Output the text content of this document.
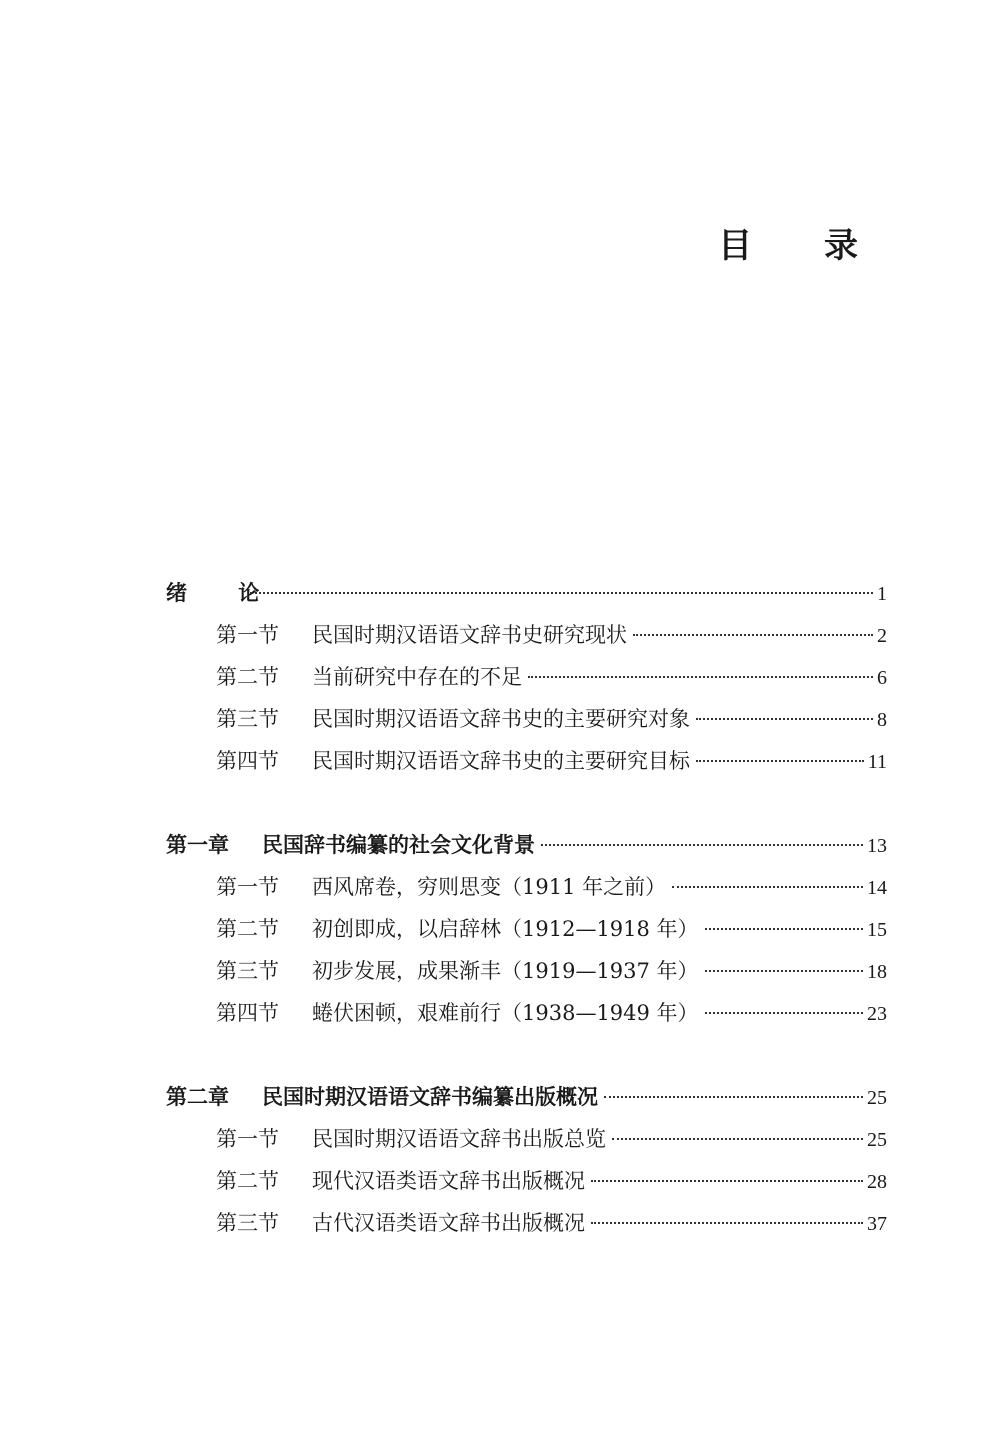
目 录
绪 论	1
第一节	民国时期汉语语文辞书史研究现状	2
第二节	当前研究中存在的不足	6
第三节	民国时期汉语语文辞书史的主要研究对象	8
第四节	民国时期汉语语文辞书史的主要研究目标	11
第一章	民国辞书编纂的社会文化背景	13
第一节	西风席卷，穷则思变（1911 年之前）	14
第二节	初创即成，以启辞林（1912—1918 年）	15
第三节	初步发展，成果渐丰（1919—1937 年）	18
第四节	蜷伏困顿，艰难前行（1938—1949 年）	23
第二章	民国时期汉语语文辞书编纂出版概况	25
第一节	民国时期汉语语文辞书出版总览	25
第二节	现代汉语类语文辞书出版概况	28
第三节	古代汉语类语文辞书出版概况	37
